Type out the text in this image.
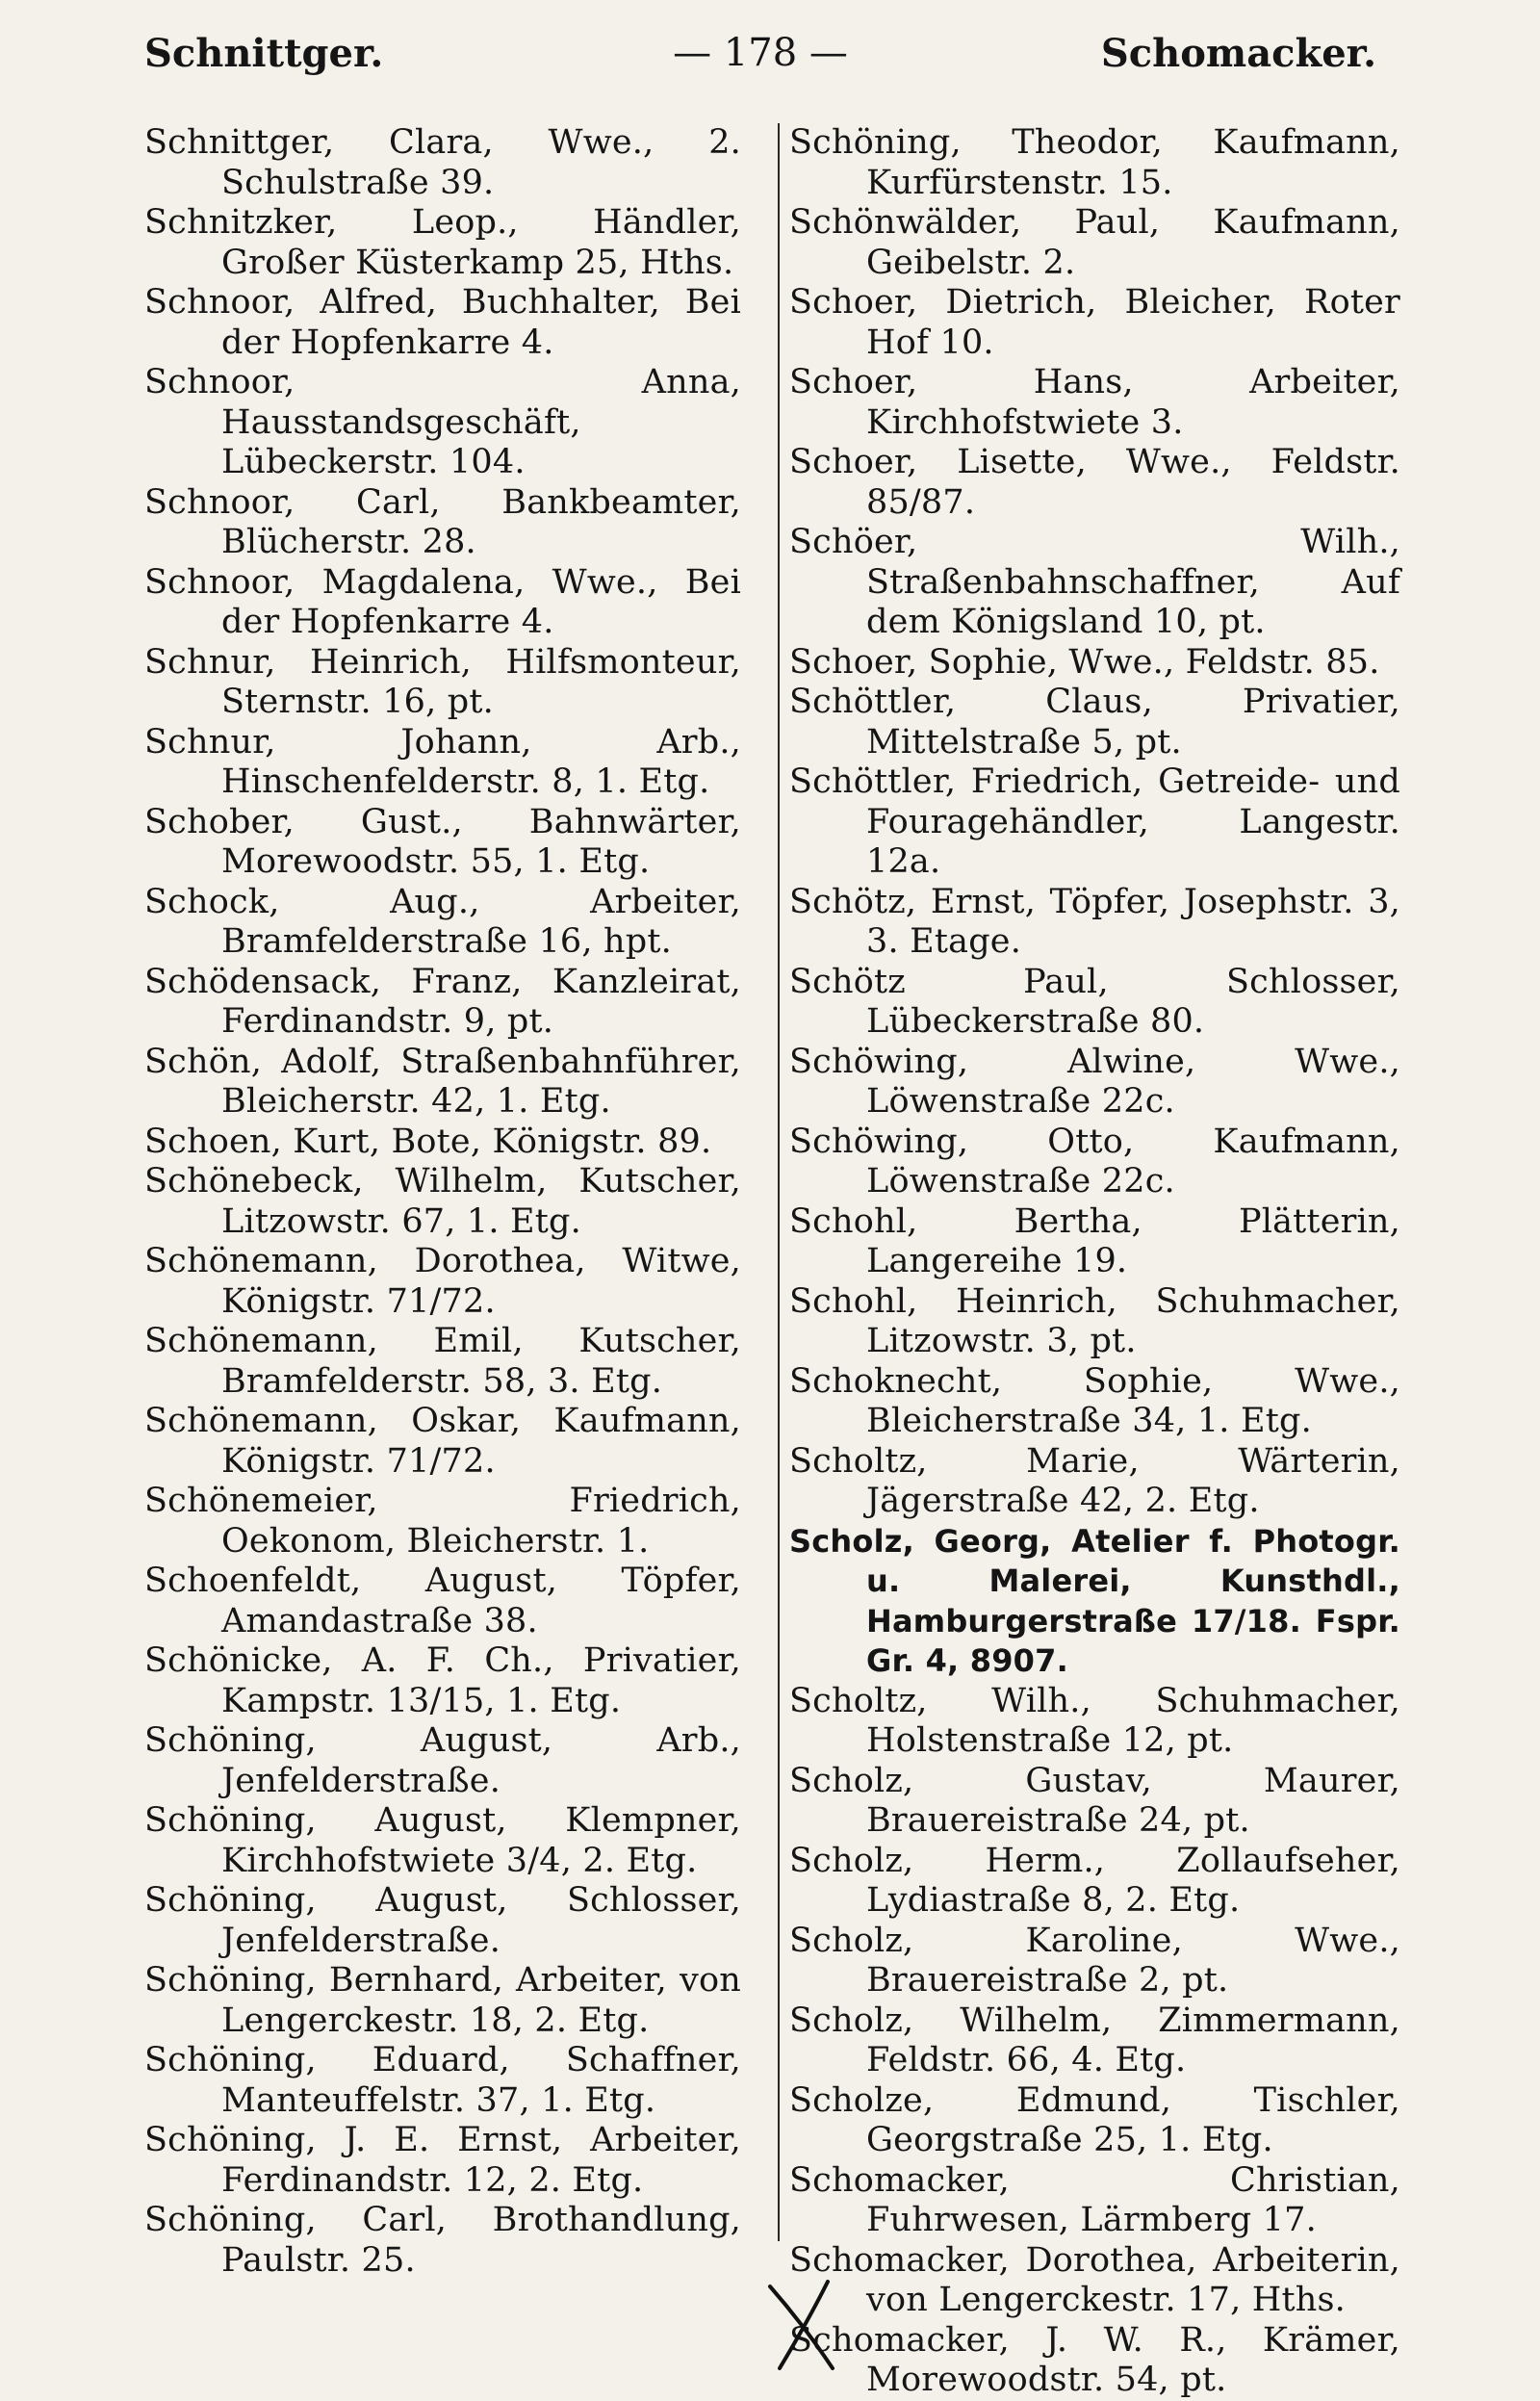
Schnittger.	— 178 —	Schomacker.

Schnittger, Clara, Wwe., 2. Schulstraße 39.

Schnitzker, Leop., Händler, Großer Küsterkamp 25, Hths.

Schnoor, Alfred, Buchhalter, Bei der Hopfenkarre 4.

Schnoor, Anna, Hausstandsgeschäft, Lübeckerstr. 104.

Schnoor, Carl, Bankbeamter, Blücherstr. 28.

Schnoor, Magdalena, Wwe., Bei der Hopfenkarre 4.

Schnur, Heinrich, Hilfsmonteur, Sternstr. 16, pt.

Schnur, Johann, Arb., Hinschenfelderstr. 8, 1. Etg.

Schober, Gust., Bahnwärter, Morewoodstr. 55, 1. Etg.

Schock, Aug., Arbeiter, Bramfelderstraße 16, hpt.

Schödensack, Franz, Kanzleirat, Ferdinandstr. 9, pt.

Schön, Adolf, Straßenbahnführer, Bleicherstr. 42, 1. Etg.

Schoen, Kurt, Bote, Königstr. 89.

Schönebeck, Wilhelm, Kutscher, Litzowstr. 67, 1. Etg.

Schönemann, Dorothea, Witwe, Königstr. 71/72.

Schönemann, Emil, Kutscher, Bramfelderstr. 58, 3. Etg.

Schönemann, Oskar, Kaufmann, Königstr. 71/72.

Schönemeier, Friedrich, Oekonom, Bleicherstr. 1.

Schoenfeldt, August, Töpfer, Amandastraße 38.

Schönicke, A. F. Ch., Privatier, Kampstr. 13/15, 1. Etg.

Schöning, August, Arb., Jenfelderstraße.

Schöning, August, Klempner, Kirchhofstwiete 3/4, 2. Etg.

Schöning, August, Schlosser, Jenfelderstraße.

Schöning, Bernhard, Arbeiter, von Lengerckestr. 18, 2. Etg.

Schöning, Eduard, Schaffner, Manteuffelstr. 37, 1. Etg.

Schöning, J. E. Ernst, Arbeiter, Ferdinandstr. 12, 2. Etg.

Schöning, Carl, Brothandlung, Paulstr. 25.

Schöning, Theodor, Kaufmann, Kurfürstenstr. 15.

Schönwälder, Paul, Kaufmann, Geibelstr. 2.

Schoer, Dietrich, Bleicher, Roter Hof 10.

Schoer, Hans, Arbeiter, Kirchhofstwiete 3.

Schoer, Lisette, Wwe., Feldstr. 85/87.

Schöer, Wilh., Straßenbahnschaffner, Auf dem Königsland 10, pt.

Schoer, Sophie, Wwe., Feldstr. 85.

Schöttler, Claus, Privatier, Mittelstraße 5, pt.

Schöttler, Friedrich, Getreide- und Fouragehändler, Langestr. 12a.

Schötz, Ernst, Töpfer, Josephstr. 3, 3. Etage.

Schötz Paul, Schlosser, Lübeckerstraße 80.

Schöwing, Alwine, Wwe., Löwenstraße 22c.

Schöwing, Otto, Kaufmann, Löwenstraße 22c.

Schohl, Bertha, Plätterin, Langereihe 19.

Schohl, Heinrich, Schuhmacher, Litzowstr. 3, pt.

Schoknecht, Sophie, Wwe., Bleicherstraße 34, 1. Etg.

Scholtz, Marie, Wärterin, Jägerstraße 42, 2. Etg.

Scholz, Georg, Atelier f. Photogr. u. Malerei, Kunsthdl., Hamburgerstraße 17/18. Fspr. Gr. 4, 8907.

Scholtz, Wilh., Schuhmacher, Holstenstraße 12, pt.

Scholz, Gustav, Maurer, Brauereistraße 24, pt.

Scholz, Herm., Zollaufseher, Lydiastraße 8, 2. Etg.

Scholz, Karoline, Wwe., Brauereistraße 2, pt.

Scholz, Wilhelm, Zimmermann, Feldstr. 66, 4. Etg.

Scholze, Edmund, Tischler, Georgstraße 25, 1. Etg.

Schomacker, Christian, Fuhrwesen, Lärmberg 17.

Schomacker, Dorothea, Arbeiterin, von Lengerckestr. 17, Hths.

Schomacker, J. W. R., Krämer, Morewoodstr. 54, pt.
